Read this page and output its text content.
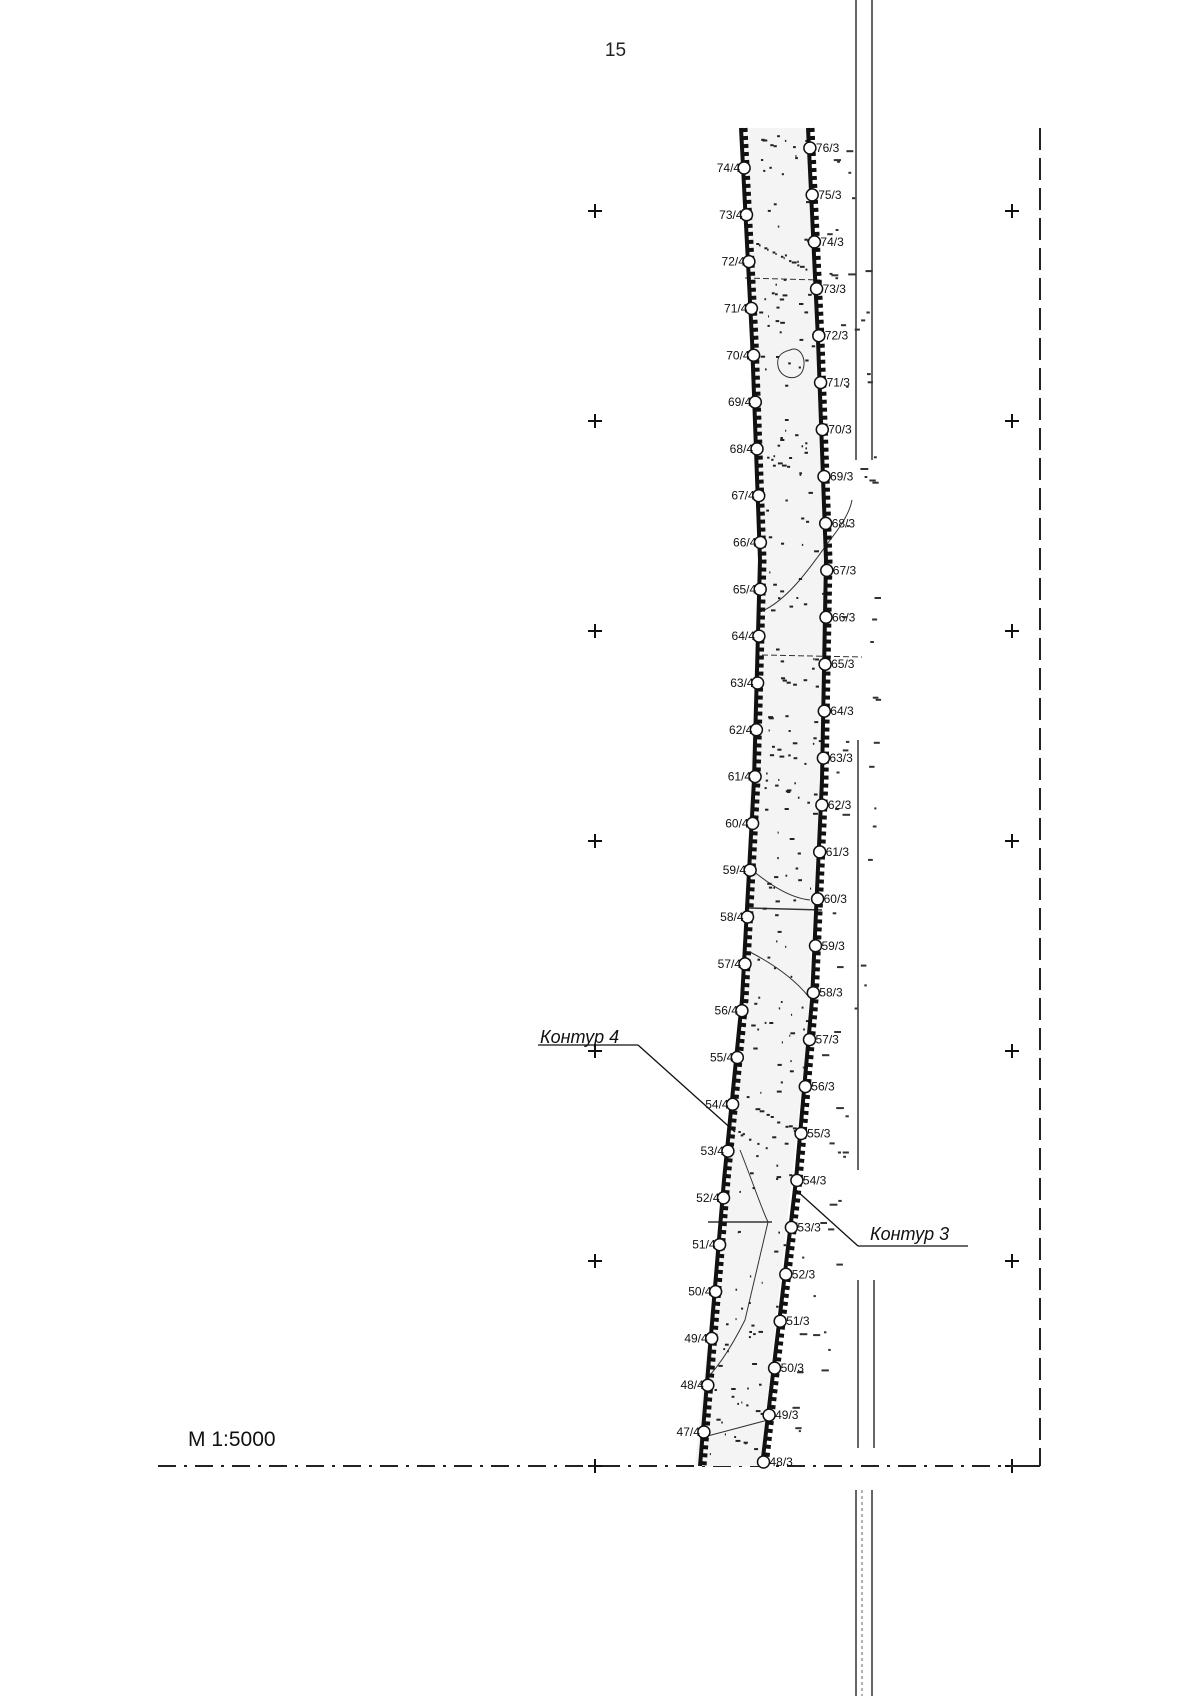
15
74/4
73/4
72/4
71/4
70/4
69/4
68/4
67/4
66/4
65/4
64/4
63/4
62/4
61/4
60/4
59/4
58/4
57/4
56/4
55/4
54/4
53/4
52/4
51/4
50/4
49/4
48/4
47/4
76/3
75/3
74/3
73/3
72/3
71/3
70/3
69/3
68/3
67/3
66/3
65/3
64/3
63/3
62/3
61/3
60/3
59/3
58/3
57/3
56/3
55/3
54/3
53/3
52/3
51/3
50/3
49/3
48/3
Контур 4
Контур 3
М 1:5000
